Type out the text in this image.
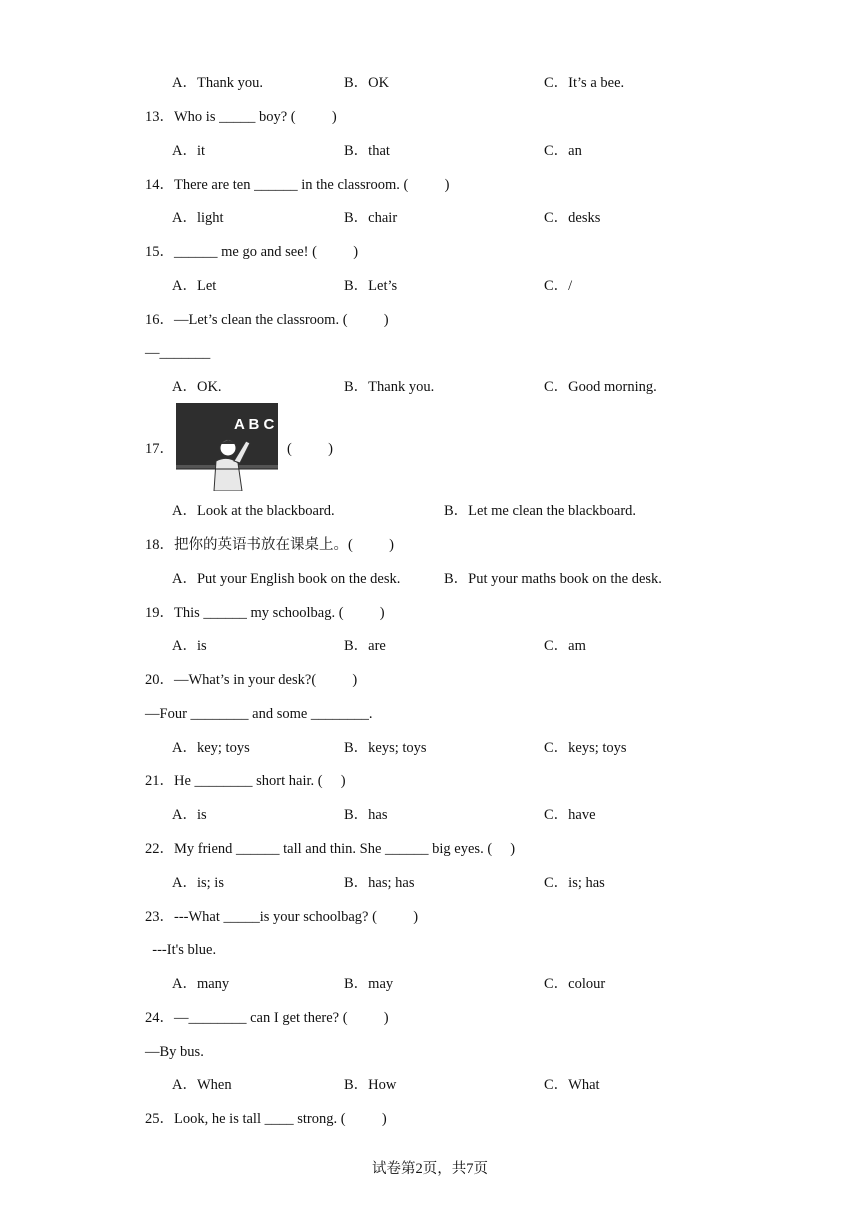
A．Thank you.	B．OK	C．It’s a bee.
13．Who is _____ boy? (          )
A．it	B．that	C．an
14．There are ten ______ in the classroom. (          )
A．light	B．chair	C．desks
15．______ me go and see! (          )
A．Let	B．Let’s	C．/
16．—Let’s clean the classroom. (          )
—_______
A．OK.	B．Thank you.	C．Good morning.
17．
A B C
(          )
A．Look at the blackboard.	B．Let me clean the blackboard.
18．把你的英语书放在课桌上。(          )
A．Put your English book on the desk.	B．Put your maths book on the desk.
19．This ______ my schoolbag. (          )
A．is	B．are	C．am
20．—What’s in your desk?(          )
—Four ________ and some ________.
A．key; toys	B．keys; toys	C．keys; toys
21．He ________ short hair. (     )
A．is	B．has	C．have
22．My friend ______ tall and thin. She ______ big eyes. (     )
A．is; is	B．has; has	C．is; has
23．---What _____is your schoolbag? (          )
---It's blue.
A．many	B．may	C．colour
24．—________ can I get there? (          )
—By bus.
A．When	B．How	C．What
25．Look, he is tall ____ strong. (          )
试卷第2页，共7页
